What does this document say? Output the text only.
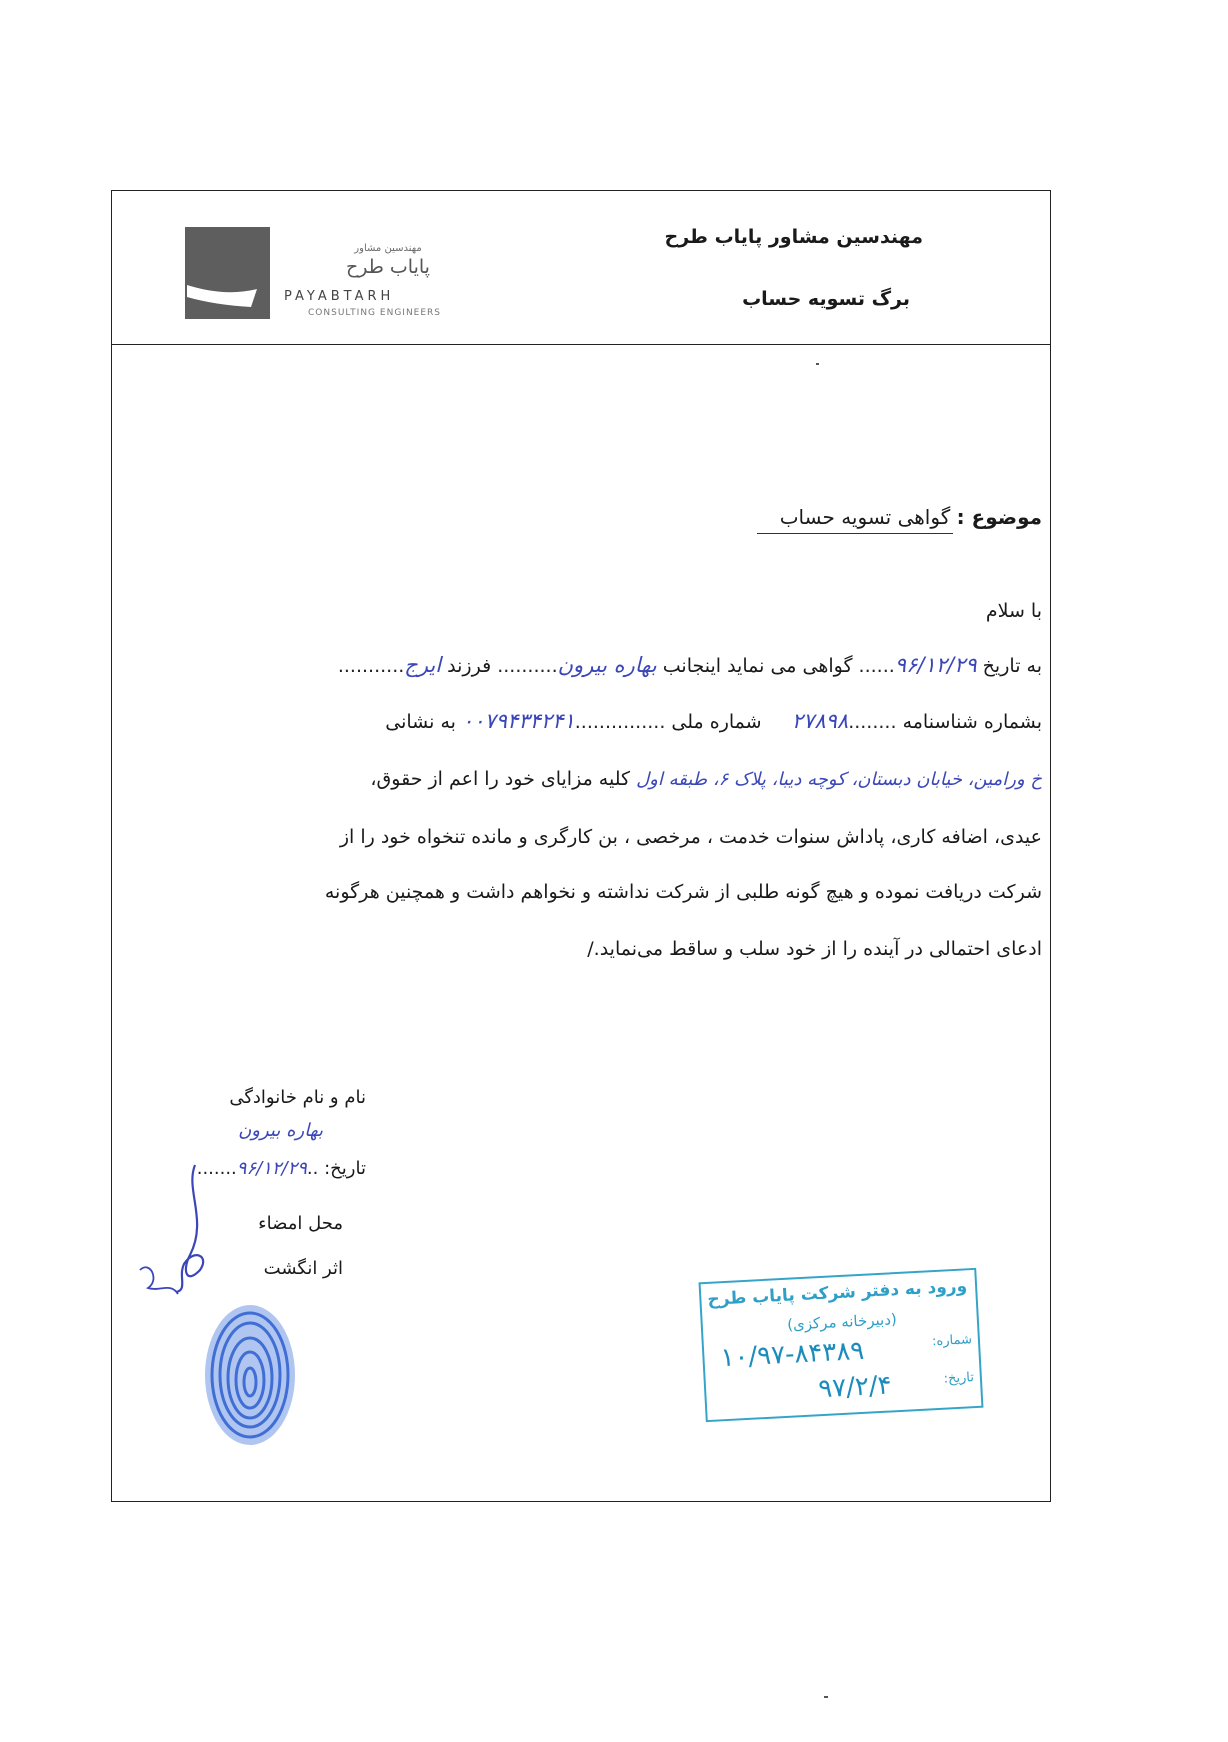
مهندسین مشاور پایاب طرح
برگ تسویه حساب
مهندسین مشاور
پایاب طرح
PAYABTARH
CONSULTING ENGINEERS
موضوع : گواهی تسویه حساب
با سلام
به تاریخ ۹۶/۱۲/۲۹...... گواهی می نماید اینجانب بهاره بیرون.......... فرزند ایرج...........
بشماره شناسنامه ........۲۷۸۹۸     شماره ملی ...............۰۰۷۹۴۳۴۲۴۱ به نشانی
خ ورامین، خیابان دبستان، کوچه دیبا، پلاک ۶، طبقه اول کلیه مزایای خود را اعم از حقوق،
عیدی، اضافه کاری، پاداش سنوات خدمت ، مرخصی ، بن کارگری و مانده تنخواه خود را از
شرکت دریافت نموده و هیچ گونه طلبی از شرکت نداشته و نخواهم داشت و همچنین هرگونه
ادعای احتمالی در آینده را از خود سلب و ساقط می‌نماید./
نام و نام خانوادگی
بهاره بیرون
تاریخ: ..۹۶/۱۲/۲۹.......
محل امضاء
اثر انگشت
ورود به دفتر شرکت پایاب طرح
(دبیرخانه مرکزی)
شماره:
۱۰/۹۷-۸۴۳۸۹
تاریخ:
۹۷/۲/۴
